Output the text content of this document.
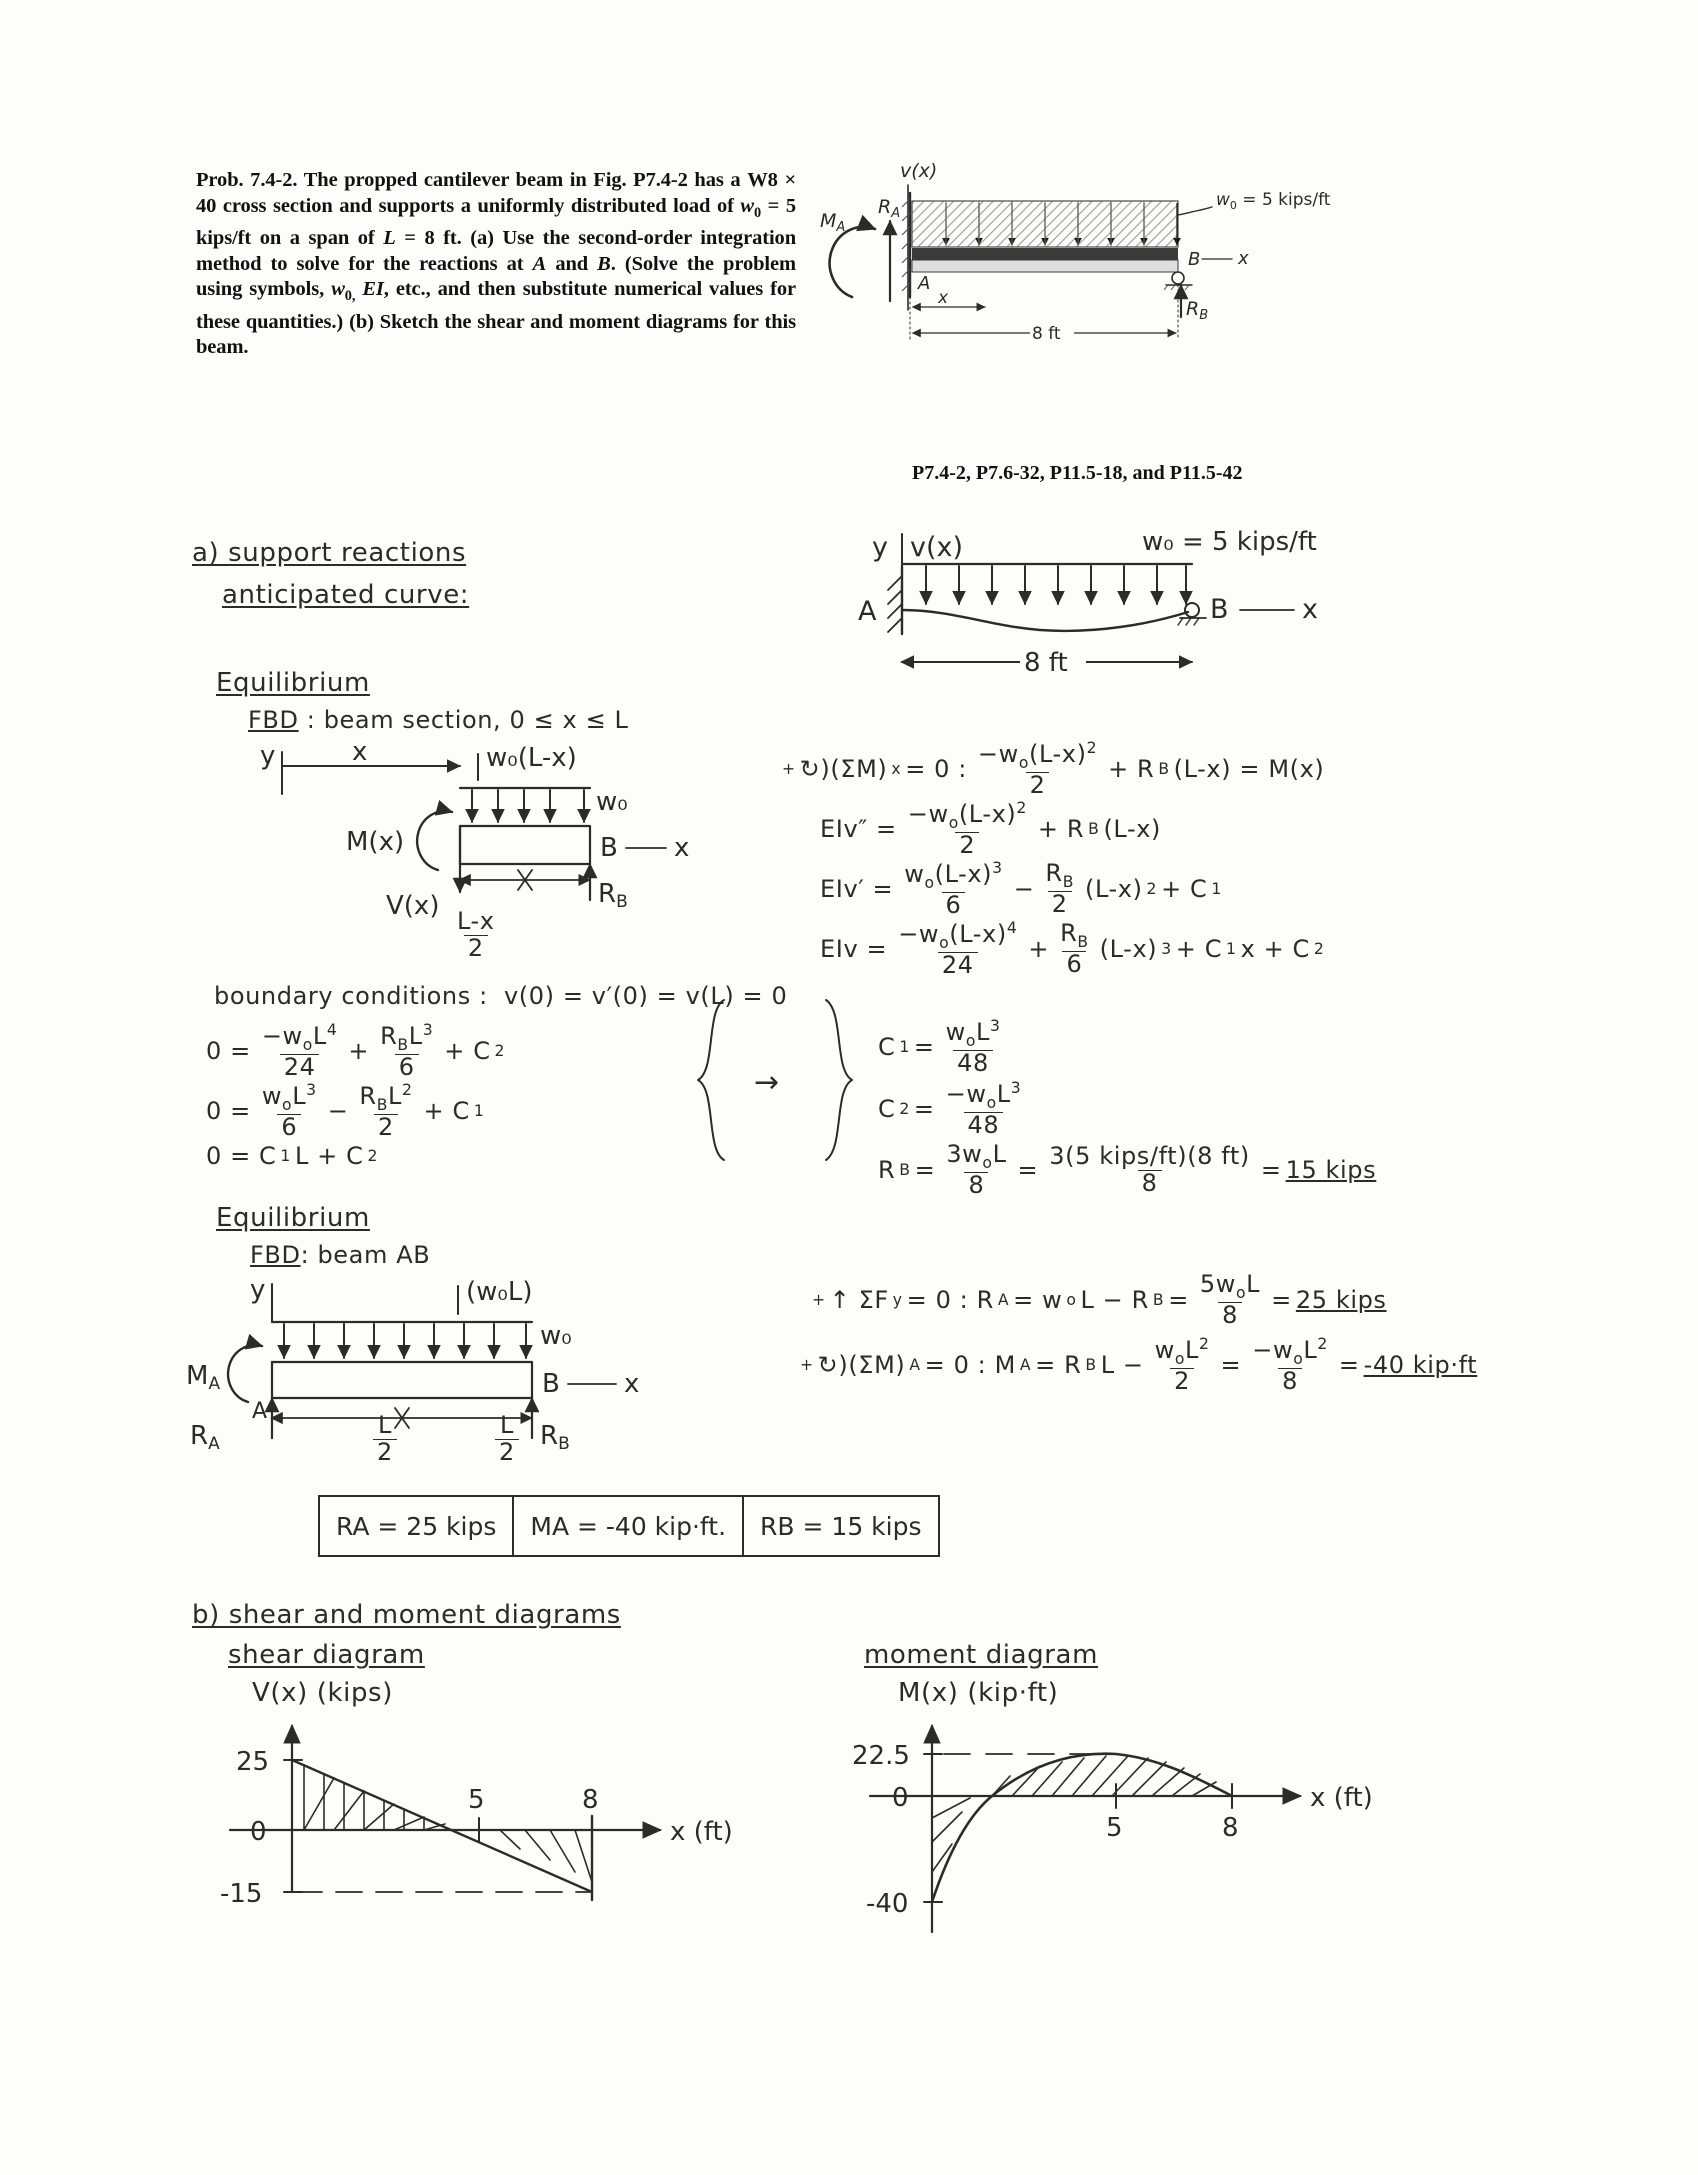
Prob. 7.4-2. The propped cantilever beam in Fig. P7.4-2 has a W8 × 40 cross section and supports a uniformly distributed load of $w_0 = 5$ kips/ft on a span of L = 8 ft. (a) Use the second-order integration method to solve for the reactions at A and B. (Solve the problem using symbols, $w_{0,}$ EI, etc., and then substitute numerical values for these quantities.) (b) Sketch the shear and moment diagrams for this beam.
v(x)
$w_0 = 5$ kips/ft
$M_A$
$R_A$
A
B x
$R_B$
x
8 ft
P7.4-2, P7.6-32, P11.5-18, and P11.5-42
a) support reactions
anticipated curve:
y v(x)	w₀ = 5 kips/ft
A	B	x
8 ft
Equilibrium
FBD : beam section, 0 ≤ x ≤ L
y	x	w₀(L-x)
w₀
M(x)
V(x)
B x
RB
$\frac{L-x}{2}$
+ ↻)(ΣM) x = 0 : $\frac{-w_o(L-x)^2}{2} + R$ B (L-x) = M(x)
$EIv'' = \frac{-w_o(L-x)^2}{2} + R$ B (L-x)
$EIv' = \frac{w_o(L-x)^3}{6} - \frac{R_B}{2} (L-x) 2 + C$ 1
EIv = $\frac{-w_o(L-x)^4}{24} + \frac{R_B}{6} (L-x) 3 + C$ 1 x + C 2
boundary conditions : v(0) = v′(0) = v(L) = 0
$0 = \frac{-w_oL^4}{24} + \frac{R_BL^3}{6} + C$ 2
$0 = \frac{w_oL^3}{6} - \frac{R_BL^2}{2} + C$ 1
0 = C 1 L + C 2
→
C $1 = \frac{w_oL^3}{48}$
C $2 = \frac{-w_oL^3}{48}$
R $B = \frac{3w_oL}{8} = \frac{\text{3(5 kips/ft)(8 ft)}}{8} = 15$ kips
Equilibrium
FBD: beam AB
y	(w₀L)
w₀
MA
RA
A
B x
RB
$\frac{L}{2}$	$\frac{L}{2}$
+ ↑ ΣF y = 0 : R A = w o L − R $B = \frac{5w_oL}{8} = 25$ kips
+ ↻)(ΣM) A = 0 : M A = R B $L - \frac{w_oL^2}{2} = \frac{-w_oL^2}{8} = -40$ kip·ft
RA = 25 kips	MA = -40 kip·ft.	RB = 15 kips
b) shear and moment diagrams
shear diagram
V(x) (kips)
25
0
-15
5	8
x (ft)
moment diagram
M(x) (kip·ft)
22.5
0
-40
5	8
x (ft)
